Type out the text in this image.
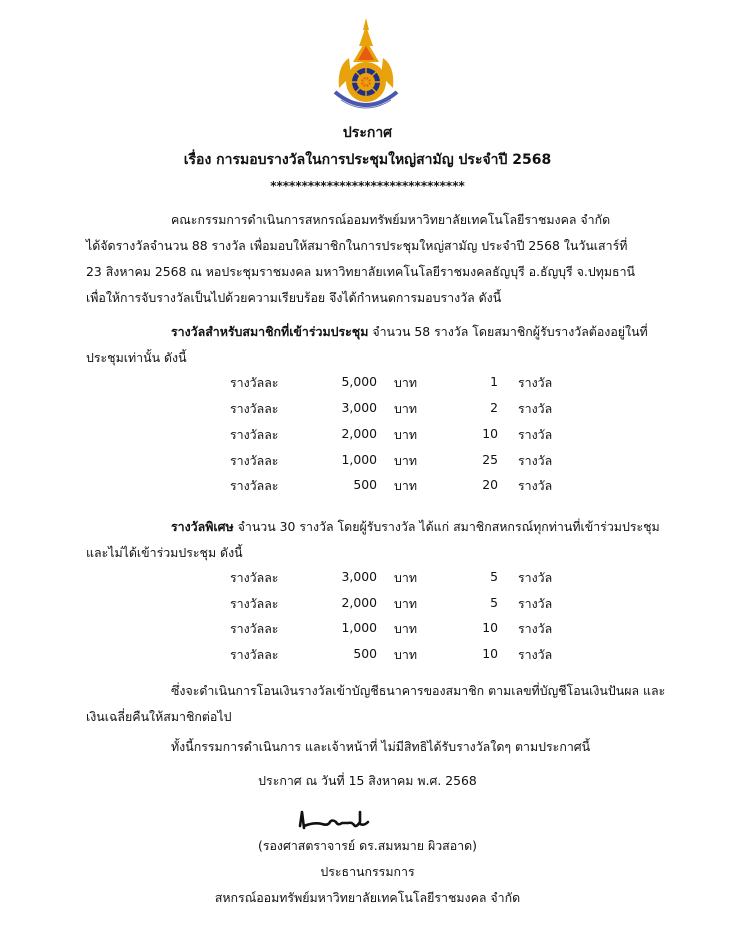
ประกาศ
เรื่อง การมอบรางวัลในการประชุมใหญ่สามัญ ประจำปี 2568
*******************************
คณะกรรมการดำเนินการสหกรณ์ออมทรัพย์มหาวิทยาลัยเทคโนโลยีราชมงคล จำกัด
ได้จัดรางวัลจำนวน 88 รางวัล เพื่อมอบให้สมาชิกในการประชุมใหญ่สามัญ ประจำปี 2568 ในวันเสาร์ที่
23 สิงหาคม 2568 ณ หอประชุมราชมงคล มหาวิทยาลัยเทคโนโลยีราชมงคลธัญบุรี อ.ธัญบุรี จ.ปทุมธานี
เพื่อให้การจับรางวัลเป็นไปด้วยความเรียบร้อย จึงได้กำหนดการมอบรางวัล ดังนี้
รางวัลสำหรับสมาชิกที่เข้าร่วมประชุม จำนวน 58 รางวัล โดยสมาชิกผู้รับรางวัลต้องอยู่ในที่
ประชุมเท่านั้น ดังนี้
รางวัลละ	5,000 บาท	1 รางวัล
รางวัลละ	3,000 บาท	2 รางวัล
รางวัลละ	2,000 บาท	10 รางวัล
รางวัลละ	1,000 บาท	25 รางวัล
รางวัลละ	500 บาท	20 รางวัล
รางวัลพิเศษ จำนวน 30 รางวัล โดยผู้รับรางวัล ได้แก่ สมาชิกสหกรณ์ทุกท่านที่เข้าร่วมประชุม
และไม่ได้เข้าร่วมประชุม ดังนี้
รางวัลละ	3,000 บาท	5 รางวัล
รางวัลละ	2,000 บาท	5 รางวัล
รางวัลละ	1,000 บาท	10 รางวัล
รางวัลละ	500 บาท	10 รางวัล
ซึ่งจะดำเนินการโอนเงินรางวัลเข้าบัญชีธนาคารของสมาชิก ตามเลขที่บัญชีโอนเงินปันผล และ
เงินเฉลี่ยคืนให้สมาชิกต่อไป
ทั้งนี้กรรมการดำเนินการ และเจ้าหน้าที่ ไม่มีสิทธิได้รับรางวัลใดๆ ตามประกาศนี้
ประกาศ ณ วันที่ 15 สิงหาคม พ.ศ. 2568
(รองศาสตราจารย์ ดร.สมหมาย ผิวสอาด)
ประธานกรรมการ
สหกรณ์ออมทรัพย์มหาวิทยาลัยเทคโนโลยีราชมงคล จำกัด
